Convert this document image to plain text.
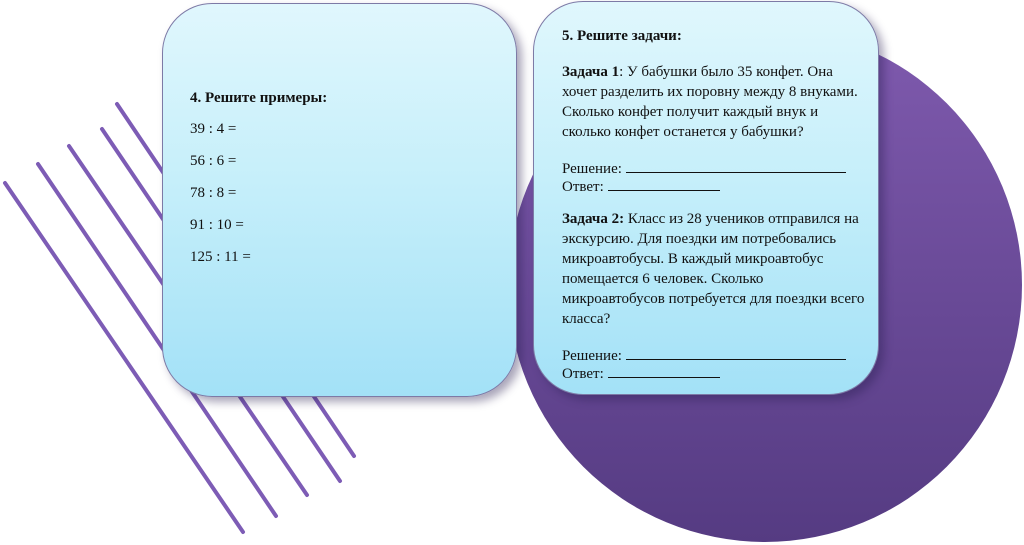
4. Решите примеры:
39 : 4 =
56 : 6 =
78 : 8 =
91 : 10 =
125 : 11 =
5. Решите задачи:

Задача 1: У бабушки было 35 конфет. Она хочет разделить их поровну между 8 внуками. Сколько конфет получит каждый внук и сколько конфет останется у бабушки?

Решение:
Ответ:

Задача 2: Класс из 28 учеников отправился на экскурсию. Для поездки им потребовались микроавтобусы. В каждый микроавтобус помещается 6 человек. Сколько микроавтобусов потребуется для поездки всего класса?

Решение:
Ответ:
